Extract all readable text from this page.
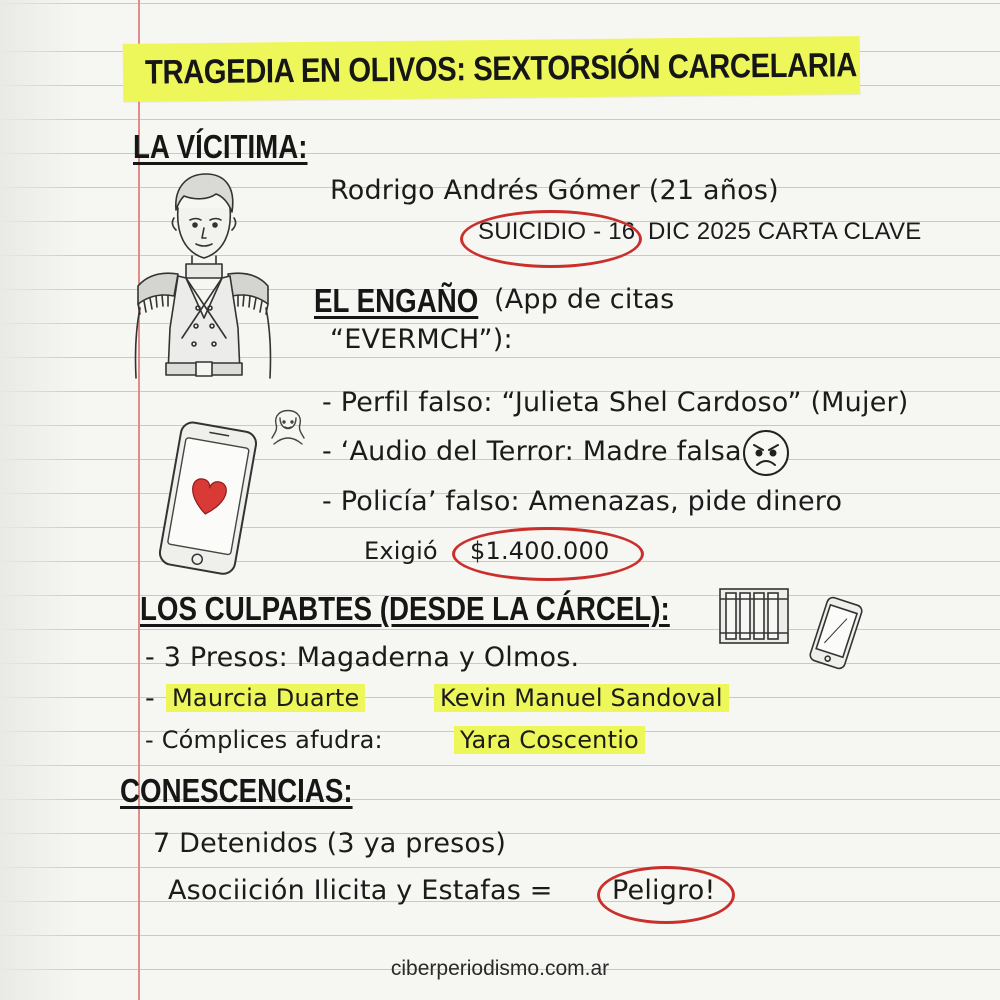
TRAGEDIA EN OLIVOS: SEXTORSIÓN CARCELARIA
LA VÍCITIMA:
Rodrigo Andrés Gómer (21 años)
SUICIDIO - 16 DIC 2025 CARTA CLAVE
EL ENGAÑO (App de citas
“EVERMCH”):
- Perfil falso: “Julieta Shel Cardoso” (Mujer)
- ‘Audio del Terror: Madre falsa
- Policía’ falso: Amenazas, pide dinero
Exigió $1.400.000
LOS CULPABTES (DESDE LA CÁRCEL):
- 3 Presos: Magaderna y Olmos.
- Maurcia Duarte	Kevin Manuel Sandoval
- Cómplices afudra:	Yara Coscentio
CONESCENCIAS:
7 Detenidos (3 ya presos)
Asociición Ilicita y Estafas = Peligro!
ciberperiodismo.com.ar
